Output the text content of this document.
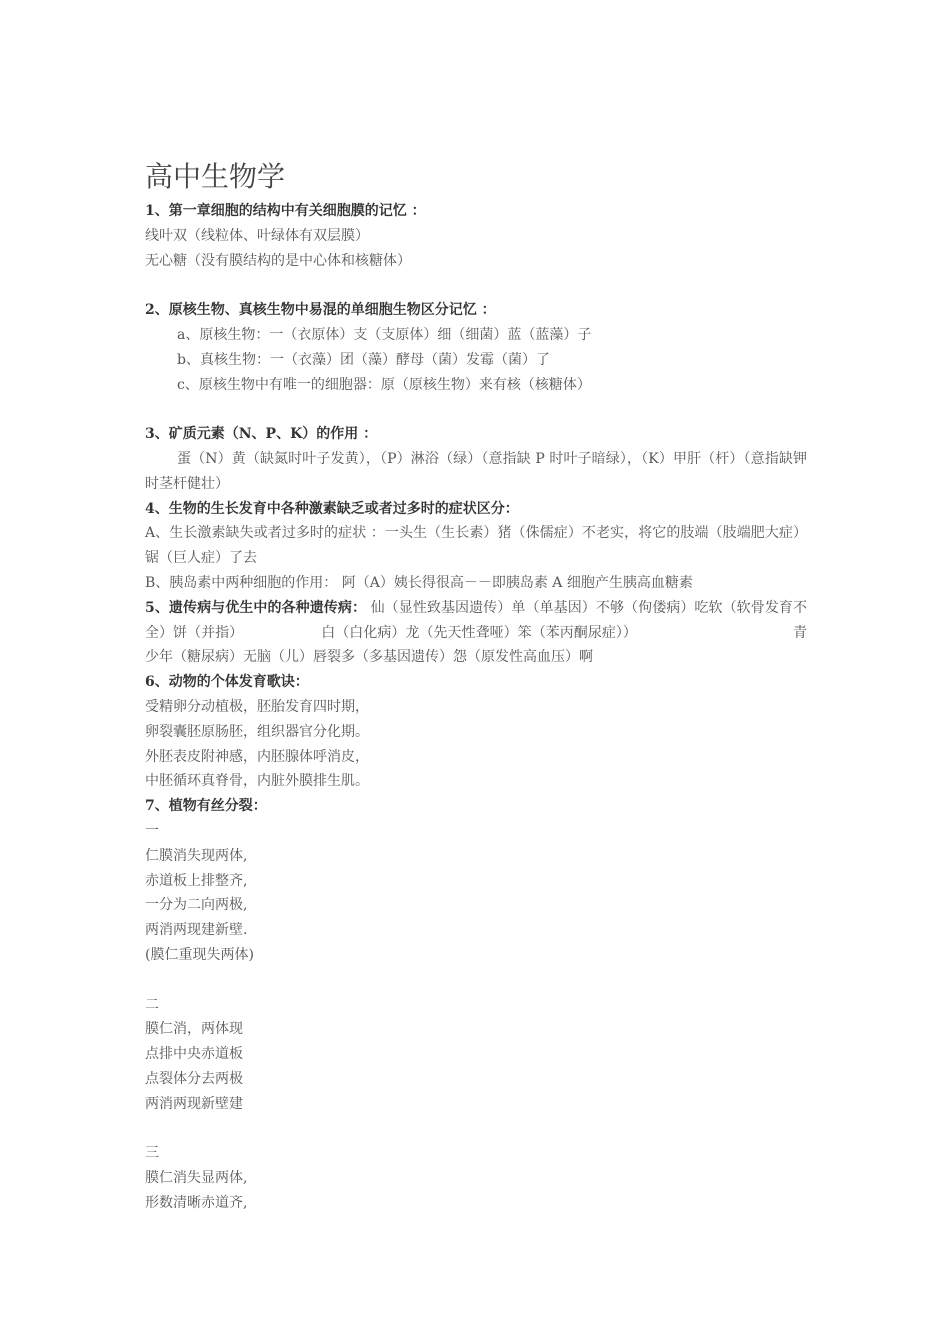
高中生物学
1、第一章细胞的结构中有关细胞膜的记忆 ：
线叶双（线粒体、叶绿体有双层膜）
无心糖（没有膜结构的是中心体和核糖体）
2、原核生物、真核生物中易混的单细胞生物区分记忆 ：
a、原核生物：一（衣原体）支（支原体）细（细菌）蓝（蓝藻）子
b、真核生物：一（衣藻）团（藻）酵母（菌）发霉（菌）了
c、原核生物中有唯一的细胞器：原（原核生物）来有核（核糖体）
3、矿质元素（N、P、K）的作用 ：
蛋（N）黄（缺氮时叶子发黄），（P）淋浴（绿）（意指缺 P 时叶子暗绿），（K）甲肝（杆）（意指缺钾时茎杆健壮）
4、生物的生长发育中各种激素缺乏或者过多时的症状区分：
A、生长激素缺失或者过多时的症状 ：一头生（生长素）猪（侏儒症）不老实，将它的肢端（肢端肥大症）锯（巨人症）了去
B、胰岛素中两种细胞的作用： 阿（A）姨长得很高－－即胰岛素 A 细胞产生胰高血糖素
5、遗传病与优生中的各种遗传病： 仙（显性致基因遗传）单（单基因）不够（佝偻病）吃软（软骨发育不全）饼（并指）	白（白化病）龙（先天性聋哑）笨（苯丙酮尿症））	青少年（糖尿病）无脑（儿）唇裂多（多基因遗传）怨（原发性高血压）啊
6、动物的个体发育歌诀：
受精卵分动植极，胚胎发育四时期，
卵裂囊胚原肠胚，组织器官分化期。
外胚表皮附神感，内胚腺体呼消皮，
中胚循环真脊骨，内脏外膜排生肌。
7、植物有丝分裂：
一
仁膜消失现两体,
赤道板上排整齐,
一分为二向两极,
两消两现建新壁.
(膜仁重现失两体)
二
膜仁消，两体现
点排中央赤道板
点裂体分去两极
两消两现新壁建
三
膜仁消失显两体,
形数清晰赤道齐,
